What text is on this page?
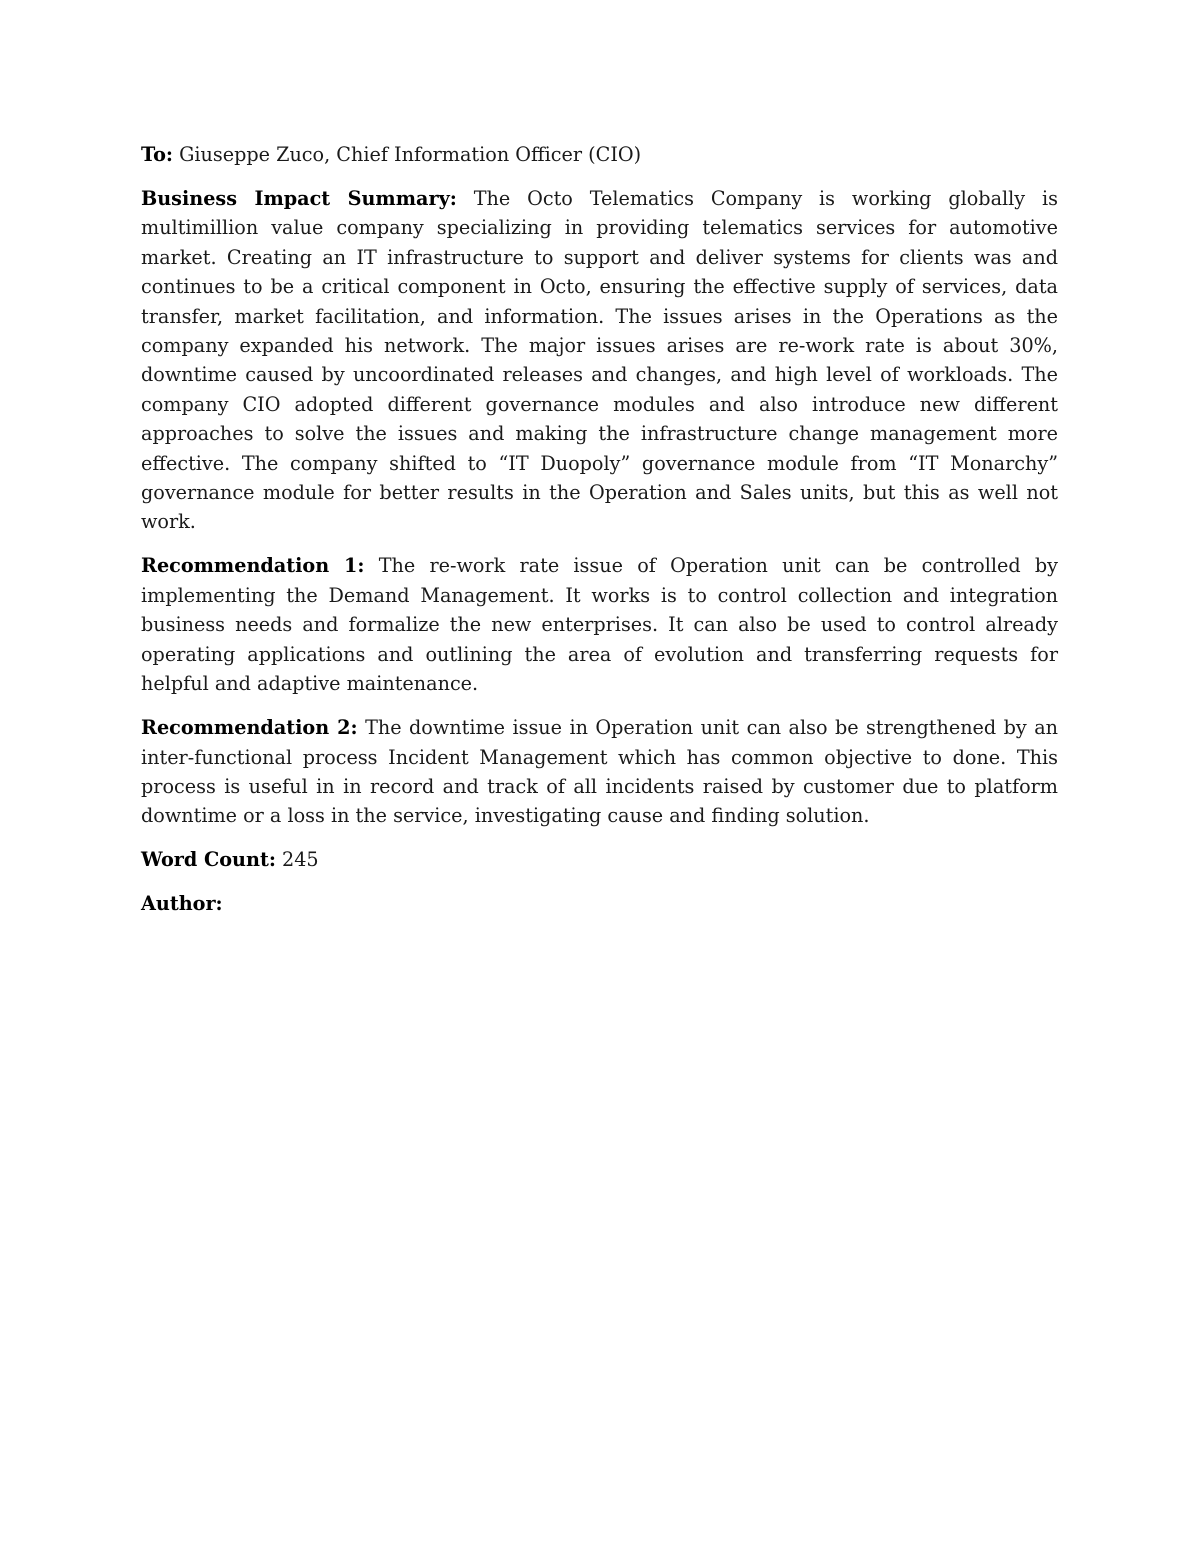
To: Giuseppe Zuco, Chief Information Officer (CIO)

Business Impact Summary: The Octo Telematics Company is working globally is multimillion value company specializing in providing telematics services for automotive market. Creating an IT infrastructure to support and deliver systems for clients was and continues to be a critical component in Octo, ensuring the effective supply of services, data transfer, market facilitation, and information. The issues arises in the Operations as the company expanded his network. The major issues arises are re-work rate is about 30%, downtime caused by uncoordinated releases and changes, and high level of workloads. The company CIO adopted different governance modules and also introduce new different approaches to solve the issues and making the infrastructure change management more effective. The company shifted to “IT Duopoly” governance module from “IT Monarchy” governance module for better results in the Operation and Sales units, but this as well not work.

Recommendation 1: The re-work rate issue of Operation unit can be controlled by implementing the Demand Management. It works is to control collection and integration business needs and formalize the new enterprises. It can also be used to control already operating applications and outlining the area of evolution and transferring requests for helpful and adaptive maintenance.

Recommendation 2: The downtime issue in Operation unit can also be strengthened by an inter-functional process Incident Management which has common objective to done. This process is useful in in record and track of all incidents raised by customer due to platform downtime or a loss in the service, investigating cause and finding solution.

Word Count: 245

Author:
